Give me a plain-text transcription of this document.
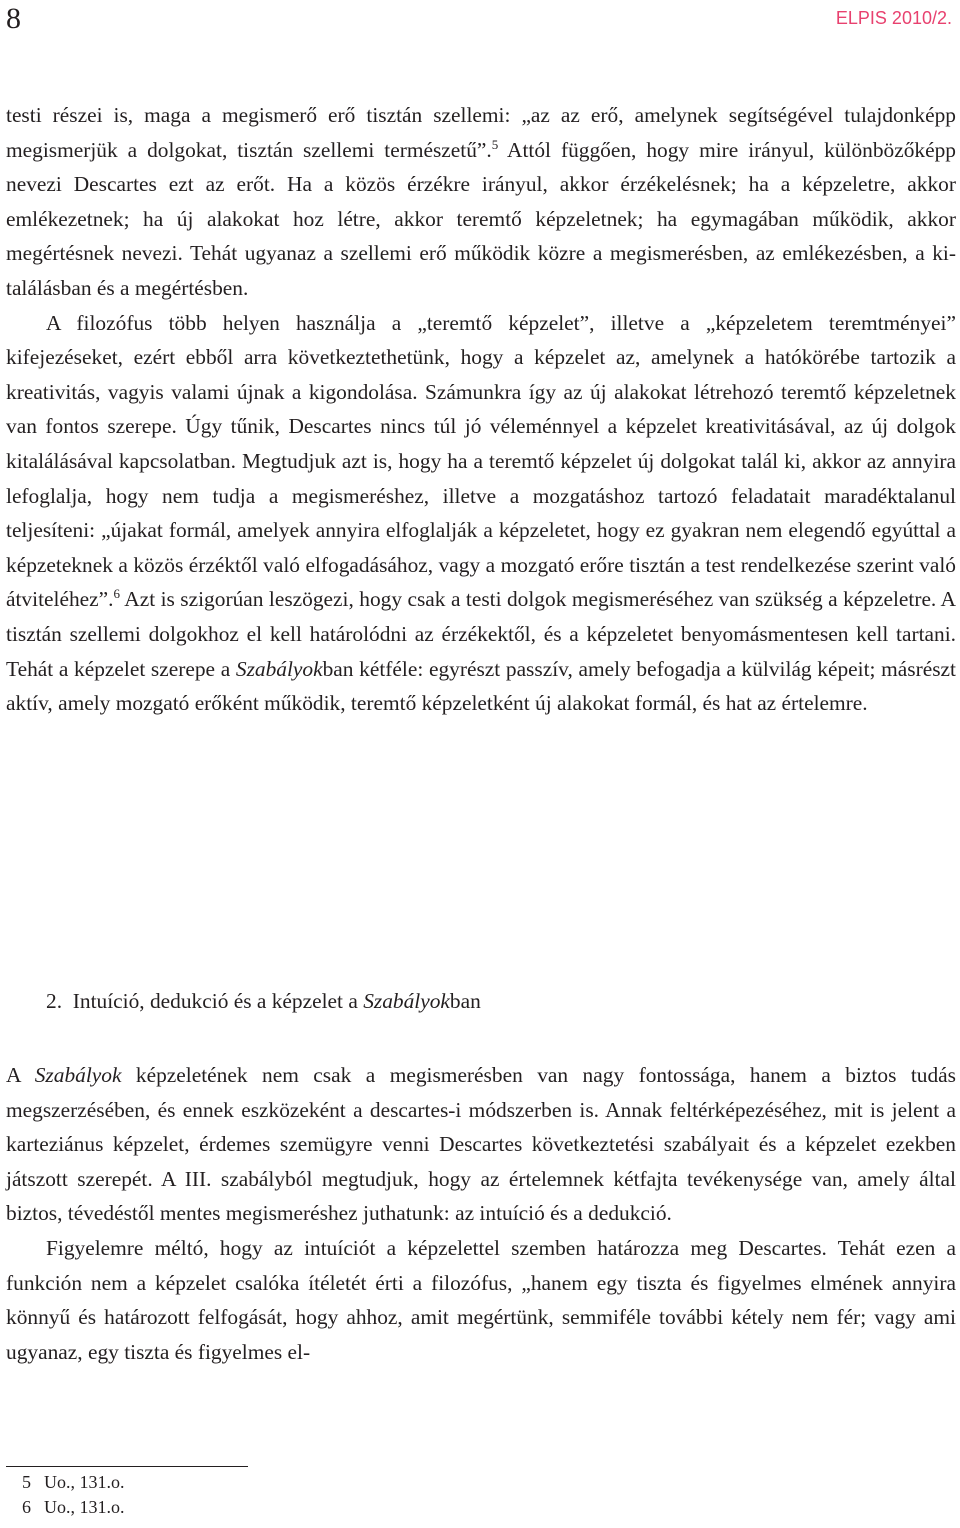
8	ELPIS 2010/2.

testi részei is, maga a megismerő erő tisztán szellemi: „az az erő, amelynek segítségével tulajdonképp megismerjük a dolgokat, tisztán szellemi természetű”.$^5$ Attól függően, hogy mire irányul, különbözőképp nevezi Descartes ezt az erőt. Ha a közös érzékre irányul, akkor érzékelésnek; ha a képzeletre, akkor emlékezetnek; ha új alakokat hoz létre, akkor teremtő képzeletnek; ha egymagában működik, akkor megértésnek nevezi. Tehát ugyanaz a szellemi erő működik közre a megismerésben, az emlékezésben, a kitalálásban és a megértésben.

A filozófus több helyen használja a „teremtő képzelet”, illetve a „képzeletem teremtményei” kifejezéseket, ezért ebből arra következtethetünk, hogy a képzelet az, amelynek a hatókörébe tartozik a kreativitás, vagyis valami újnak a kigondolása. Számunkra így az új alakokat létrehozó teremtő képzeletnek van fontos szerepe. Úgy tűnik, Descartes nincs túl jó véleménnyel a képzelet kreativitásával, az új dolgok kitalálásával kapcsolatban. Megtudjuk azt is, hogy ha a teremtő képzelet új dolgokat talál ki, akkor az annyira lefoglalja, hogy nem tudja a megismeréshez, illetve a mozgatáshoz tartozó feladatait maradéktalanul teljesíteni: „újakat formál, amelyek annyira elfoglalják a képzeletet, hogy ez gyakran nem elegendő egyúttal a képzeteknek a közös érzéktől való elfogadásához, vagy a mozgató erőre tisztán a test rendelkezése szerint való átviteléhez”.$^6$ Azt is szigorúan leszögezi, hogy csak a testi dolgok megismeréséhez van szükség a képzeletre. A tisztán szellemi dolgokhoz el kell határolódni az érzékektől, és a képzeletet benyomásmentesen kell tartani. Tehát a képzelet szerepe a Szabályokban kétféle: egyrészt passzív, amely befogadja a külvilág képeit; másrészt aktív, amely mozgató erőként működik, teremtő képzeletként új alakokat formál, és hat az értelemre.

2. Intuíció, dedukció és a képzelet a Szabályokban

A Szabályok képzeletének nem csak a megismerésben van nagy fontossága, hanem a biztos tudás megszerzésében, és ennek eszközeként a descartes-i módszerben is. Annak feltérképezéséhez, mit is jelent a karteziánus képzelet, érdemes szemügyre venni Descartes következtetési szabályait és a képzelet ezekben játszott szerepét. A III. szabályból megtudjuk, hogy az értelemnek kétfajta tevékenysége van, amely által biztos, tévedéstől mentes megismeréshez juthatunk: az intuíció és a dedukció.

Figyelemre méltó, hogy az intuíciót a képzelettel szemben határozza meg Descartes. Tehát ezen a funkción nem a képzelet csalóka ítéletét érti a filozófus, „hanem egy tiszta és figyelmes elmének annyira könnyű és határozott felfogását, hogy ahhoz, amit megértünk, semmiféle további kétely nem fér; vagy ami ugyanaz, egy tiszta és figyelmes el-

5 Uo., 131.o.
6 Uo., 131.o.
